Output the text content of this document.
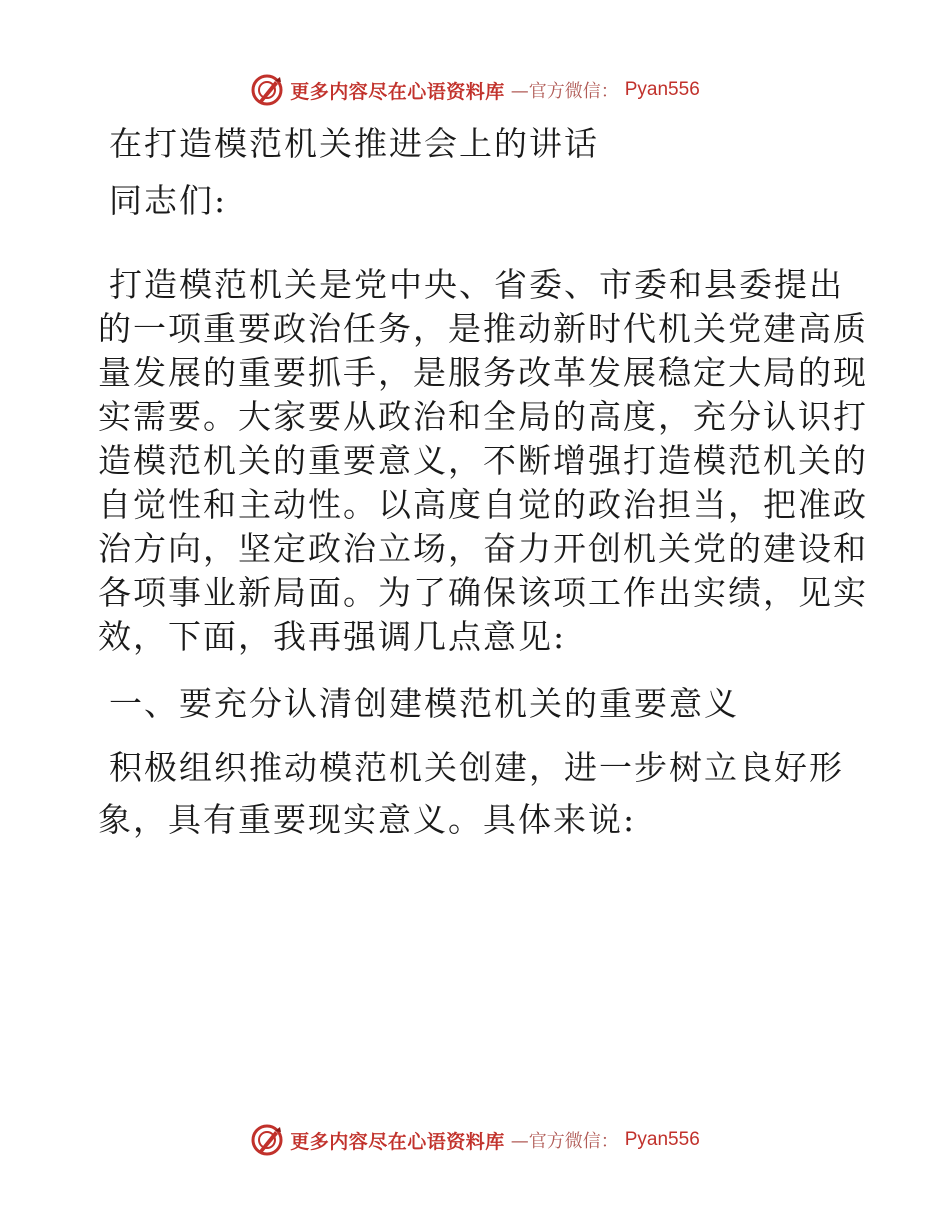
更多内容尽在心语资料库 —官方微信： Pyan556

在打造模范机关推进会上的讲话

同志们:

打造模范机关是党中央、省委、市委和县委提出

的一项重要政治任务，是推动新时代机关党建高质

量发展的重要抓手，是服务改革发展稳定大局的现

实需要。大家要从政治和全局的高度，充分认识打

造模范机关的重要意义，不断增强打造模范机关的

自觉性和主动性。以高度自觉的政治担当，把准政

治方向，坚定政治立场，奋力开创机关党的建设和

各项事业新局面。为了确保该项工作出实绩，见实

效，下面，我再强调几点意见:

一、要充分认清创建模范机关的重要意义

积极组织推动模范机关创建，进一步树立良好形

象，具有重要现实意义。具体来说:

更多内容尽在心语资料库 —官方微信： Pyan556
